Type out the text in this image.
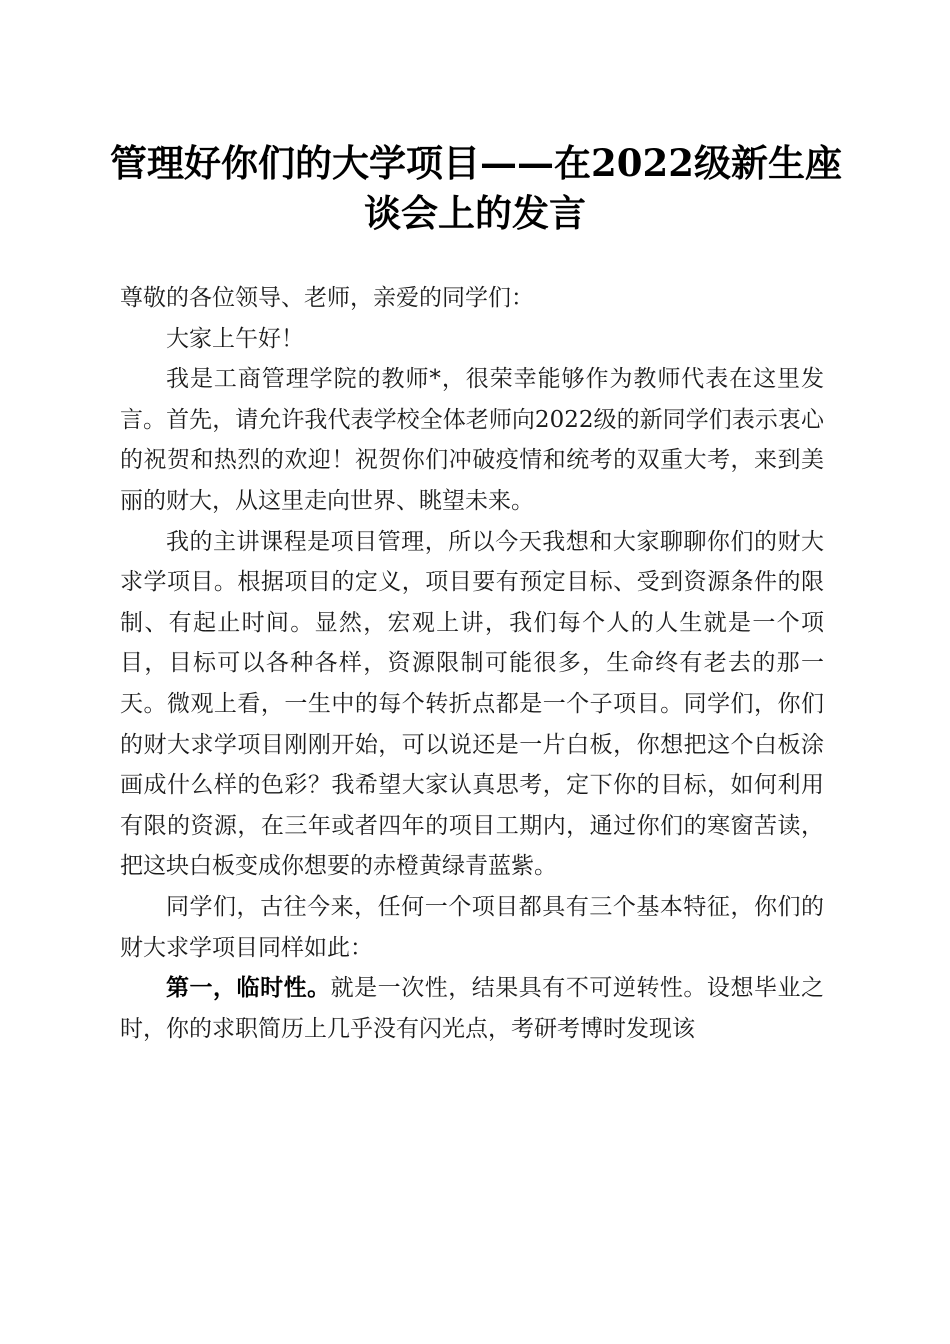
管理好你们的大学项目——在2022级新生座
谈会上的发言

尊敬的各位领导、老师，亲爱的同学们：

大家上午好！

我是工商管理学院的教师*，很荣幸能够作为教师代表在这里发言。首先，请允许我代表学校全体老师向2022级的新同学们表示衷心的祝贺和热烈的欢迎！祝贺你们冲破疫情和统考的双重大考，来到美丽的财大，从这里走向世界、眺望未来。

我的主讲课程是项目管理，所以今天我想和大家聊聊你们的财大求学项目。根据项目的定义，项目要有预定目标、受到资源条件的限制、有起止时间。显然，宏观上讲，我们每个人的人生就是一个项目，目标可以各种各样，资源限制可能很多，生命终有老去的那一天。微观上看，一生中的每个转折点都是一个子项目。同学们，你们的财大求学项目刚刚开始，可以说还是一片白板，你想把这个白板涂画成什么样的色彩？我希望大家认真思考，定下你的目标，如何利用有限的资源，在三年或者四年的项目工期内，通过你们的寒窗苦读，把这块白板变成你想要的赤橙黄绿青蓝紫。

同学们，古往今来，任何一个项目都具有三个基本特征，你们的财大求学项目同样如此：

第一，临时性。就是一次性，结果具有不可逆转性。设想毕业之时，你的求职简历上几乎没有闪光点，考研考博时发现该
